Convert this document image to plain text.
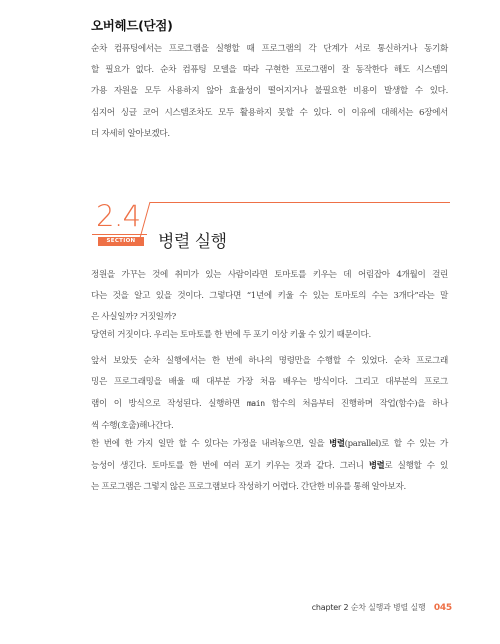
오버헤드(단점)

순차 컴퓨팅에서는 프로그램을 실행할 때 프로그램의 각 단계가 서로 통신하거나 동기화
할 필요가 없다. 순차 컴퓨팅 모델을 따라 구현한 프로그램이 잘 동작한다 해도 시스템의
가용 자원을 모두 사용하지 않아 효율성이 떨어지거나 불필요한 비용이 발생할 수 있다.
심지어 싱글 코어 시스템조차도 모두 활용하지 못할 수 있다. 이 이유에 대해서는 6장에서
더 자세히 알아보겠다.

2.4
SECTION	병렬 실행

정원을 가꾸는 것에 취미가 있는 사람이라면 토마토를 키우는 데 어림잡아 4개월이 걸린
다는 것을 알고 있을 것이다. 그렇다면 “1년에 키울 수 있는 토마토의 수는 3개다”라는 말
은 사실일까? 거짓일까?

당연히 거짓이다. 우리는 토마토를 한 번에 두 포기 이상 키울 수 있기 때문이다.

앞서 보았듯 순차 실행에서는 한 번에 하나의 명령만을 수행할 수 있었다. 순차 프로그래
밍은 프로그래밍을 배울 때 대부분 가장 처음 배우는 방식이다. 그리고 대부분의 프로그
램이 이 방식으로 작성된다. 실행하면 main 함수의 처음부터 진행하며 작업(함수)을 하나
씩 수행(호출)해나간다.

한 번에 한 가지 일만 할 수 있다는 가정을 내려놓으면, 일을 병렬(parallel)로 할 수 있는 가
능성이 생긴다. 토마토를 한 번에 여러 포기 키우는 것과 같다. 그러니 병렬로 실행할 수 있
는 프로그램은 그렇지 않은 프로그램보다 작성하기 어렵다. 간단한 비유를 통해 알아보자.

chapter 2 순차 실행과 병렬 실행 045
